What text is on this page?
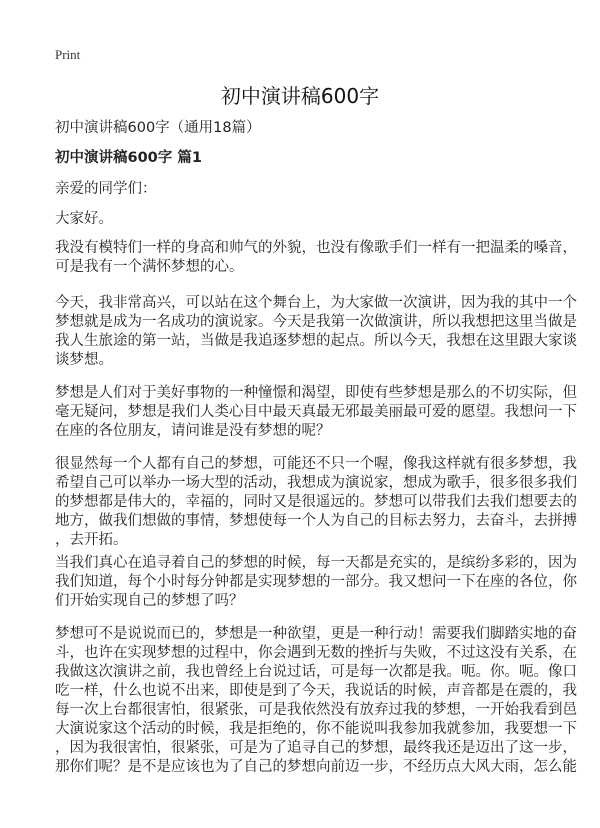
Print
初中演讲稿600字
初中演讲稿600字（通用18篇）
初中演讲稿600字 篇1
亲爱的同学们：
大家好。
我没有模特们一样的身高和帅气的外貌，也没有像歌手们一样有一把温柔的嗓音，
可是我有一个满怀梦想的心。
今天，我非常高兴，可以站在这个舞台上，为大家做一次演讲，因为我的其中一个
梦想就是成为一名成功的演说家。今天是我第一次做演讲，所以我想把这里当做是
我人生旅途的第一站，当做是我追逐梦想的起点。所以今天，我想在这里跟大家谈
谈梦想。
梦想是人们对于美好事物的一种憧憬和渴望，即使有些梦想是那么的不切实际，但
毫无疑问，梦想是我们人类心目中最天真最无邪最美丽最可爱的愿望。我想问一下
在座的各位朋友，请问谁是没有梦想的呢？
很显然每一个人都有自己的梦想，可能还不只一个喔，像我这样就有很多梦想，我
希望自己可以举办一场大型的活动，我想成为演说家，想成为歌手，很多很多我们
的梦想都是伟大的，幸福的，同时又是很遥远的。梦想可以带我们去我们想要去的
地方，做我们想做的事情，梦想使每一个人为自己的目标去努力，去奋斗，去拼搏
，去开拓。
当我们真心在追寻着自己的梦想的时候，每一天都是充实的，是缤纷多彩的，因为
我们知道，每个小时每分钟都是实现梦想的一部分。我又想问一下在座的各位，你
们开始实现自己的梦想了吗？
梦想可不是说说而已的，梦想是一种欲望，更是一种行动！需要我们脚踏实地的奋
斗，也许在实现梦想的过程中，你会遇到无数的挫折与失败，不过这没有关系，在
我做这次演讲之前，我也曾经上台说过话，可是每一次都是我。呃。你。呃。像口
吃一样，什么也说不出来，即使是到了今天，我说话的时候，声音都是在震的，我
每一次上台都很害怕，很紧张，可是我依然没有放弃过我的梦想，一开始我看到邑
大演说家这个活动的时候，我是拒绝的，你不能说叫我参加我就参加，我要想一下
，因为我很害怕，很紧张，可是为了追寻自己的梦想，最终我还是迈出了这一步，
那你们呢？是不是应该也为了自己的梦想向前迈一步，不经历点大风大雨，怎么能
